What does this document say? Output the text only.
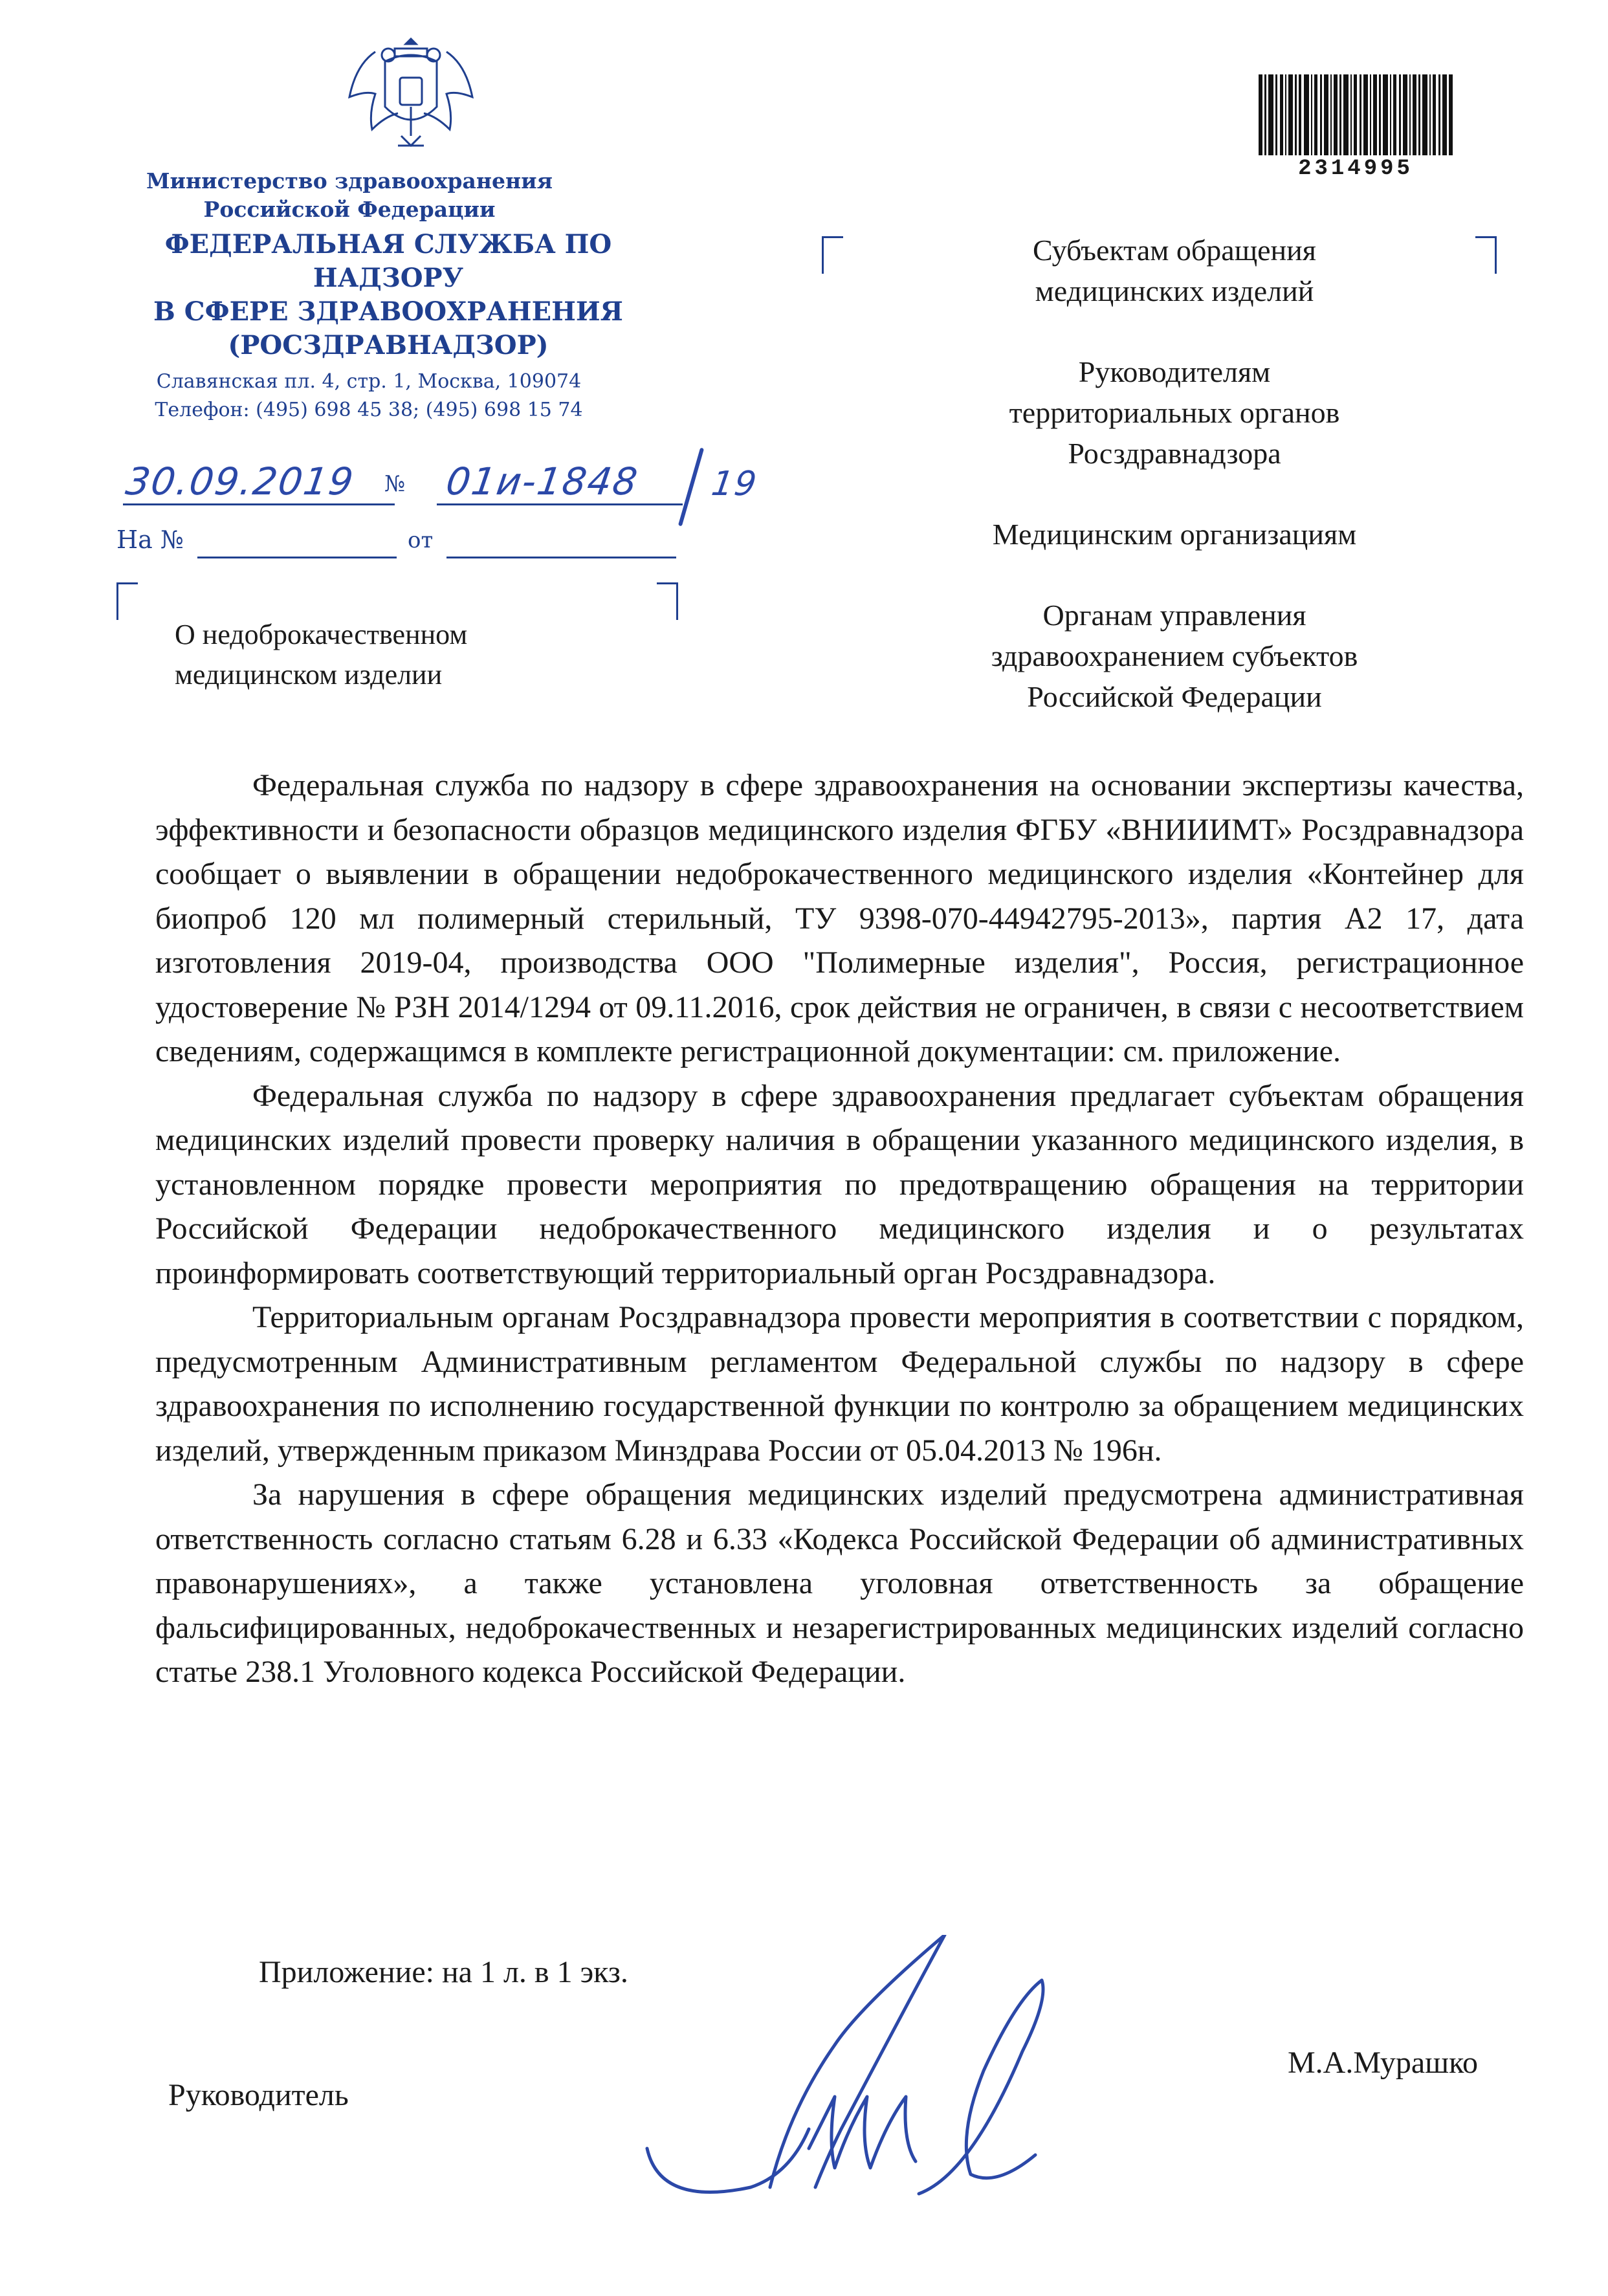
Министерство здравоохранения
Российской Федерации
ФЕДЕРАЛЬНАЯ СЛУЖБА ПО НАДЗОРУ
В СФЕРЕ ЗДРАВООХРАНЕНИЯ
(РОСЗДРАВНАДЗОР)
Славянская пл. 4, стр. 1, Москва, 109074
Телефон: (495) 698 45 38; (495) 698 15 74
30.09.2019 № 01и-1848 19
На №	от
О недоброкачественном
медицинском изделии
2314995
Субъектам обращения
медицинских изделий
Руководителям
территориальных органов
Росздравнадзора
Медицинским организациям
Органам управления
здравоохранением субъектов
Российской Федерации

Федеральная служба по надзору в сфере здравоохранения на основании экспертизы качества, эффективности и безопасности образцов медицинского изделия ФГБУ «ВНИИИМТ» Росздравнадзора сообщает о выявлении в обращении недоброкачественного медицинского изделия «Контейнер для биопроб 120 мл полимерный стерильный, ТУ 9398-070-44942795-2013», партия А2 17, дата изготовления 2019-04, производства ООО "Полимерные изделия", Россия, регистрационное удостоверение № РЗН 2014/1294 от 09.11.2016, срок действия не ограничен, в связи с несоответствием сведениям, содержащимся в комплекте регистрационной документации: см. приложение.

Федеральная служба по надзору в сфере здравоохранения предлагает субъектам обращения медицинских изделий провести проверку наличия в обращении указанного медицинского изделия, в установленном порядке провести мероприятия по предотвращению обращения на территории Российской Федерации недоброкачественного медицинского изделия и о результатах проинформировать соответствующий территориальный орган Росздравнадзора.

Территориальным органам Росздравнадзора провести мероприятия в соответствии с порядком, предусмотренным Административным регламентом Федеральной службы по надзору в сфере здравоохранения по исполнению государственной функции по контролю за обращением медицинских изделий, утвержденным приказом Минздрава России от 05.04.2013 № 196н.

За нарушения в сфере обращения медицинских изделий предусмотрена административная ответственность согласно статьям 6.28 и 6.33 «Кодекса Российской Федерации об административных правонарушениях», а также установлена уголовная ответственность за обращение фальсифицированных, недоброкачественных и незарегистрированных медицинских изделий согласно статье 238.1 Уголовного кодекса Российской Федерации.

Приложение: на 1 л. в 1 экз.
Руководитель
М.А.Мурашко
